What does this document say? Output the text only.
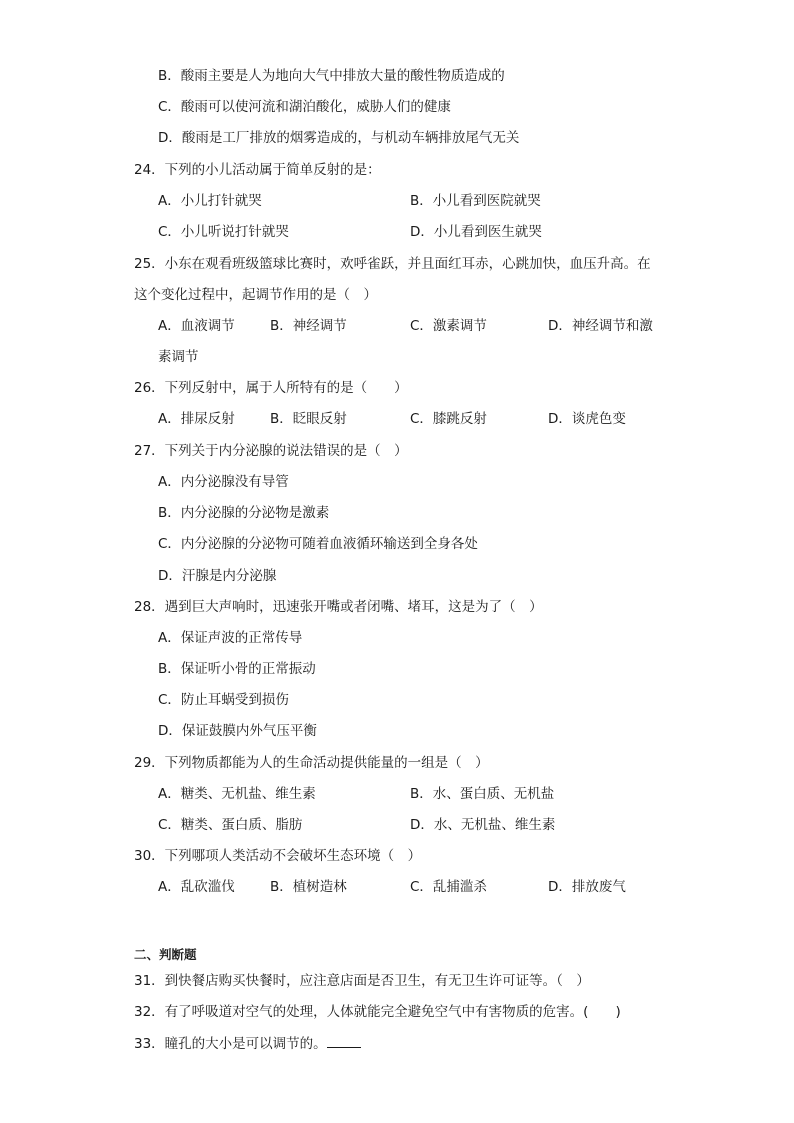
B．酸雨主要是人为地向大气中排放大量的酸性物质造成的
C．酸雨可以使河流和湖泊酸化，威胁人们的健康
D．酸雨是工厂排放的烟雾造成的，与机动车辆排放尾气无关
24．下列的小儿活动属于简单反射的是：
A．小儿打针就哭	B．小儿看到医院就哭
C．小儿听说打针就哭	D．小儿看到医生就哭
25．小东在观看班级篮球比赛时，欢呼雀跃，并且面红耳赤，心跳加快，血压升高。在
这个变化过程中，起调节作用的是（　）
A．血液调节	B．神经调节	C．激素调节	D．神经调节和激
素调节
26．下列反射中，属于人所特有的是（　　）
A．排尿反射	B．眨眼反射	C．膝跳反射	D．谈虎色变
27．下列关于内分泌腺的说法错误的是（　）
A．内分泌腺没有导管
B．内分泌腺的分泌物是激素
C．内分泌腺的分泌物可随着血液循环输送到全身各处
D．汗腺是内分泌腺
28．遇到巨大声响时，迅速张开嘴或者闭嘴、堵耳，这是为了（　）
A．保证声波的正常传导
B．保证听小骨的正常振动
C．防止耳蜗受到损伤
D．保证鼓膜内外气压平衡
29．下列物质都能为人的生命活动提供能量的一组是（　）
A．糖类、无机盐、维生素	B．水、蛋白质、无机盐
C．糖类、蛋白质、脂肪	D．水、无机盐、维生素
30．下列哪项人类活动不会破坏生态环境（　）
A．乱砍滥伐	B．植树造林	C．乱捕滥杀	D．排放废气
二、判断题
31．到快餐店购买快餐时，应注意店面是否卫生，有无卫生许可证等。（　）
32．有了呼吸道对空气的处理，人体就能完全避免空气中有害物质的危害。(　　)
33．瞳孔的大小是可以调节的。
